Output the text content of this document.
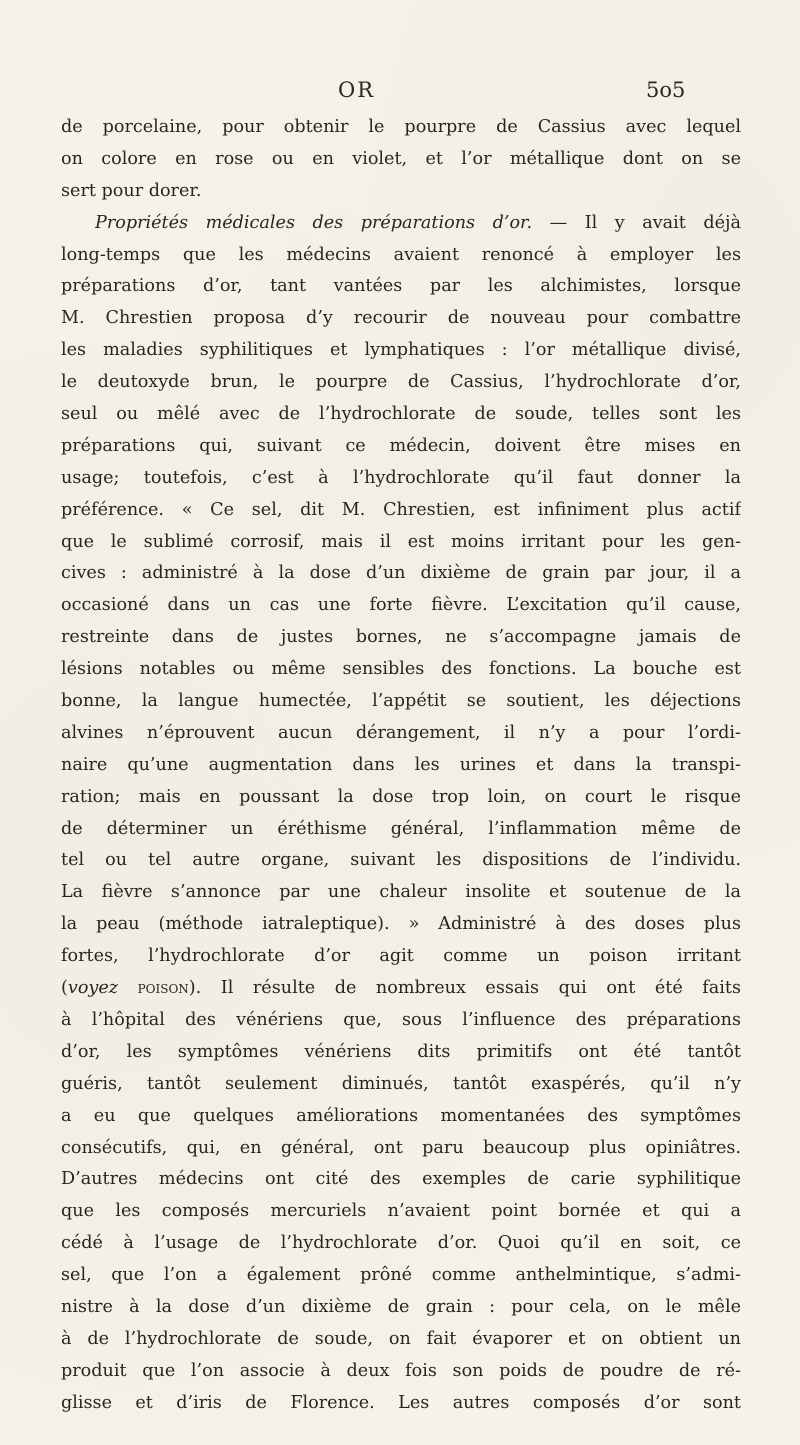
OR	5o5
de porcelaine, pour obtenir le pourpre de Cassius avec lequel
on colore en rose ou en violet, et l’or métallique dont on se
sert pour dorer.
Propriétés médicales des préparations d’or. — Il y avait déjà
long-temps que les médecins avaient renoncé à employer les
préparations d’or, tant vantées par les alchimistes, lorsque
M. Chrestien proposa d’y recourir de nouveau pour combattre
les maladies syphilitiques et lymphatiques : l’or métallique divisé,
le deutoxyde brun, le pourpre de Cassius, l’hydrochlorate d’or,
seul ou mêlé avec de l’hydrochlorate de soude, telles sont les
préparations qui, suivant ce médecin, doivent être mises en
usage; toutefois, c’est à l’hydrochlorate qu’il faut donner la
préférence. « Ce sel, dit M. Chrestien, est infiniment plus actif
que le sublimé corrosif, mais il est moins irritant pour les gen-
cives : administré à la dose d’un dixième de grain par jour, il a
occasioné dans un cas une forte fièvre. L’excitation qu’il cause,
restreinte dans de justes bornes, ne s’accompagne jamais de
lésions notables ou même sensibles des fonctions. La bouche est
bonne, la langue humectée, l’appétit se soutient, les déjections
alvines n’éprouvent aucun dérangement, il n’y a pour l’ordi-
naire qu’une augmentation dans les urines et dans la transpi-
ration; mais en poussant la dose trop loin, on court le risque
de déterminer un éréthisme général, l’inflammation même de
tel ou tel autre organe, suivant les dispositions de l’individu.
La fièvre s’annonce par une chaleur insolite et soutenue de la
la peau (méthode iatraleptique). » Administré à des doses plus
fortes, l’hydrochlorate d’or agit comme un poison irritant
(voyez poison). Il résulte de nombreux essais qui ont été faits
à l’hôpital des vénériens que, sous l’influence des préparations
d’or, les symptômes vénériens dits primitifs ont été tantôt
guéris, tantôt seulement diminués, tantôt exaspérés, qu’il n’y
a eu que quelques améliorations momentanées des symptômes
consécutifs, qui, en général, ont paru beaucoup plus opiniâtres.
D’autres médecins ont cité des exemples de carie syphilitique
que les composés mercuriels n’avaient point bornée et qui a
cédé à l’usage de l’hydrochlorate d’or. Quoi qu’il en soit, ce
sel, que l’on a également prôné comme anthelmintique, s’admi-
nistre à la dose d’un dixième de grain : pour cela, on le mêle
à de l’hydrochlorate de soude, on fait évaporer et on obtient un
produit que l’on associe à deux fois son poids de poudre de ré-
glisse et d’iris de Florence. Les autres composés d’or sont
